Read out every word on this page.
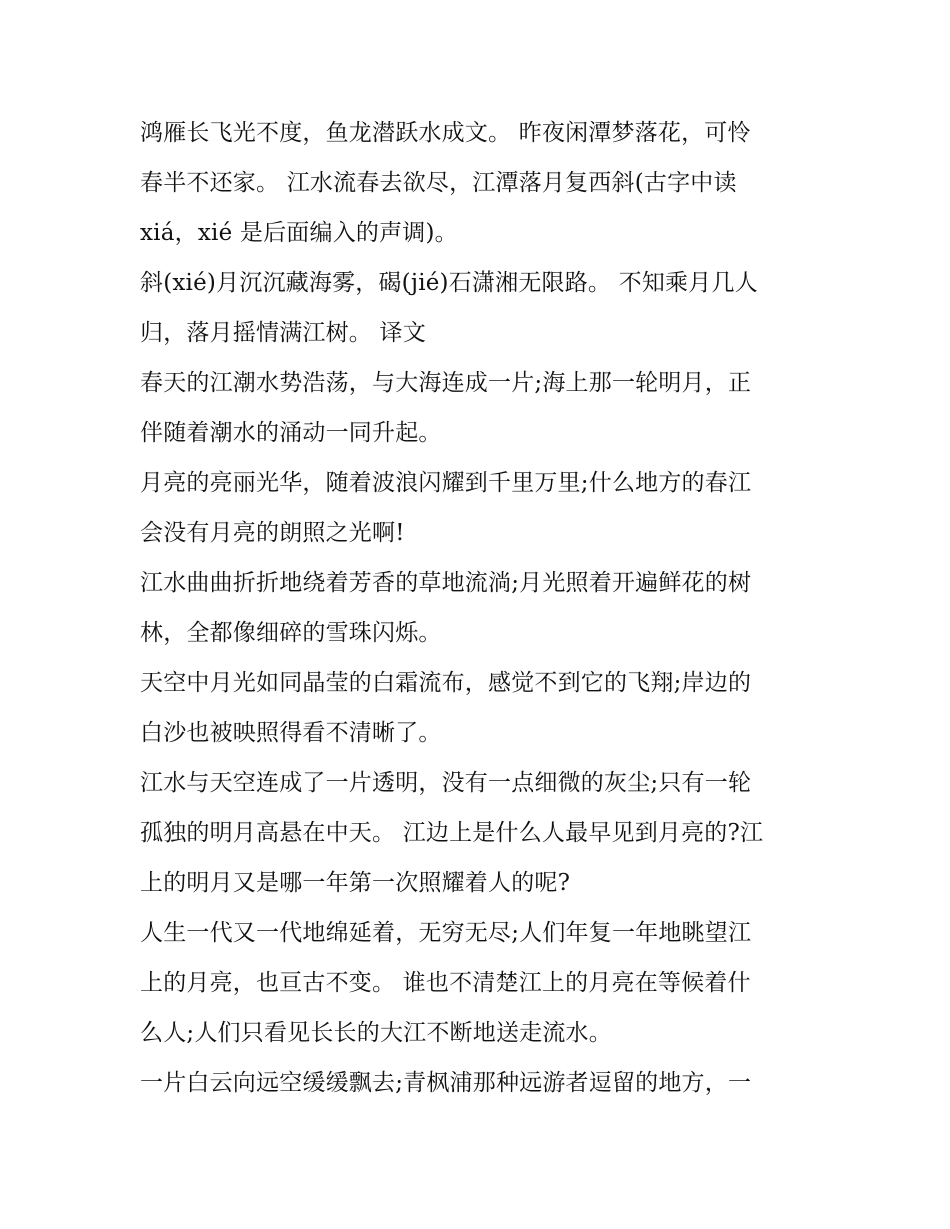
鸿雁长飞光不度，鱼龙潜跃水成文。 昨夜闲潭梦落花，可怜
春半不还家。 江水流春去欲尽，江潭落月复西斜(古字中读
xiá，xié 是后面编入的声调)。

斜(xié)月沉沉藏海雾，碣(jié)石潇湘无限路。 不知乘月几人
归，落月摇情满江树。 译文

春天的江潮水势浩荡，与大海连成一片;海上那一轮明月，正
伴随着潮水的涌动一同升起。

月亮的亮丽光华，随着波浪闪耀到千里万里;什么地方的春江
会没有月亮的朗照之光啊!

江水曲曲折折地绕着芳香的草地流淌;月光照着开遍鲜花的树
林，全都像细碎的雪珠闪烁。

天空中月光如同晶莹的白霜流布，感觉不到它的飞翔;岸边的
白沙也被映照得看不清晰了。

江水与天空连成了一片透明，没有一点细微的灰尘;只有一轮
孤独的明月高悬在中天。 江边上是什么人最早见到月亮的?江
上的明月又是哪一年第一次照耀着人的呢?

人生一代又一代地绵延着，无穷无尽;人们年复一年地眺望江
上的月亮，也亘古不变。 谁也不清楚江上的月亮在等候着什
么人;人们只看见长长的大江不断地送走流水。

一片白云向远空缓缓飘去;青枫浦那种远游者逗留的地方，一
